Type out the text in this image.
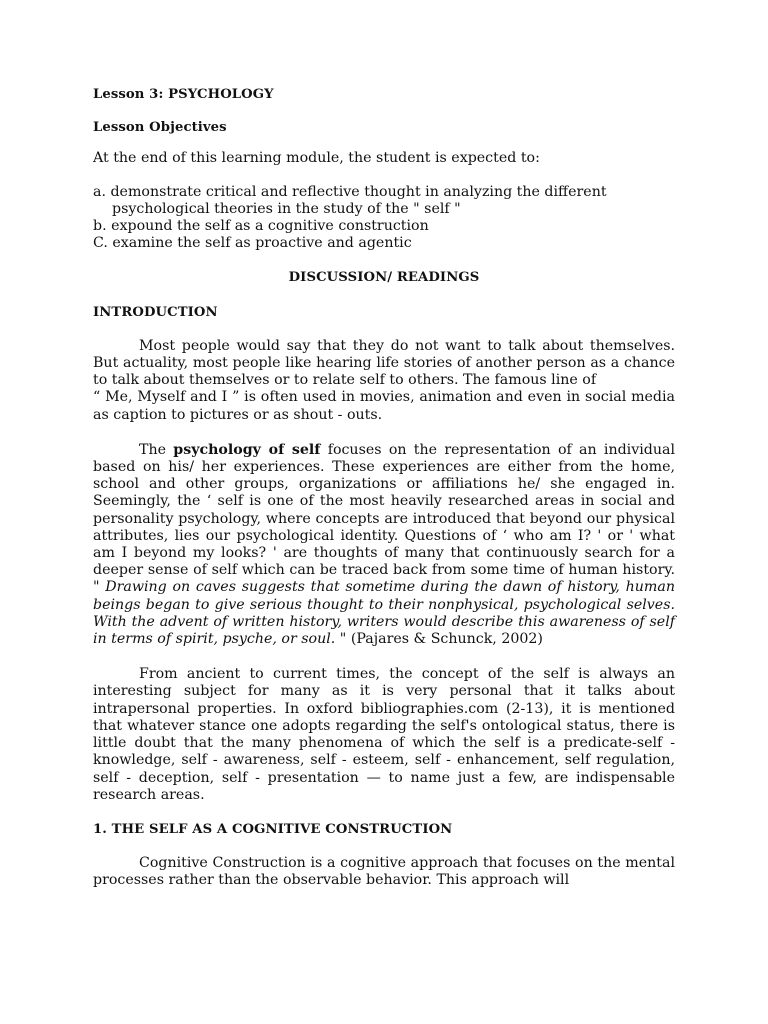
Lesson 3: PSYCHOLOGY
Lesson Objectives
At the end of this learning module, the student is expected to:
a. demonstrate critical and reflective thought in analyzing the different psychological theories in the study of the " self "
b. expound the self as a cognitive construction
C. examine the self as proactive and agentic
DISCUSSION/ READINGS
INTRODUCTION

Most people would say that they do not want to talk about themselves. But actuality, most people like hearing life stories of another person as a chance to talk about themselves or to relate self to others. The famous line of
“ Me, Myself and I ” is often used in movies, animation and even in social media as caption to pictures or as shout - outs.

The psychology of self focuses on the representation of an individual based on his/ her experiences. These experiences are either from the home, school and other groups, organizations or affiliations he/ she engaged in. Seemingly, the ‘ self is one of the most heavily researched areas in social and personality psychology, where concepts are introduced that beyond our physical attributes, lies our psychological identity. Questions of ‘ who am I? ' or ' what am I beyond my looks? ' are thoughts of many that continuously search for a deeper sense of self which can be traced back from some time of human history. " Drawing on caves suggests that sometime during the dawn of history, human beings began to give serious thought to their nonphysical, psychological selves. With the advent of written history, writers would describe this awareness of self in terms of spirit, psyche, or soul. " (Pajares & Schunck, 2002)

From ancient to current times, the concept of the self is always an interesting subject for many as it is very personal that it talks about intrapersonal properties. In oxford bibliographies.com (2-13), it is mentioned that whatever stance one adopts regarding the self's ontological status, there is little doubt that the many phenomena of which the self is a predicate-self - knowledge, self - awareness, self - esteem, self - enhancement, self regulation, self - deception, self - presentation — to name just a few, are indispensable research areas.

1. THE SELF AS A COGNITIVE CONSTRUCTION

Cognitive Construction is a cognitive approach that focuses on the mental processes rather than the observable behavior. This approach will
